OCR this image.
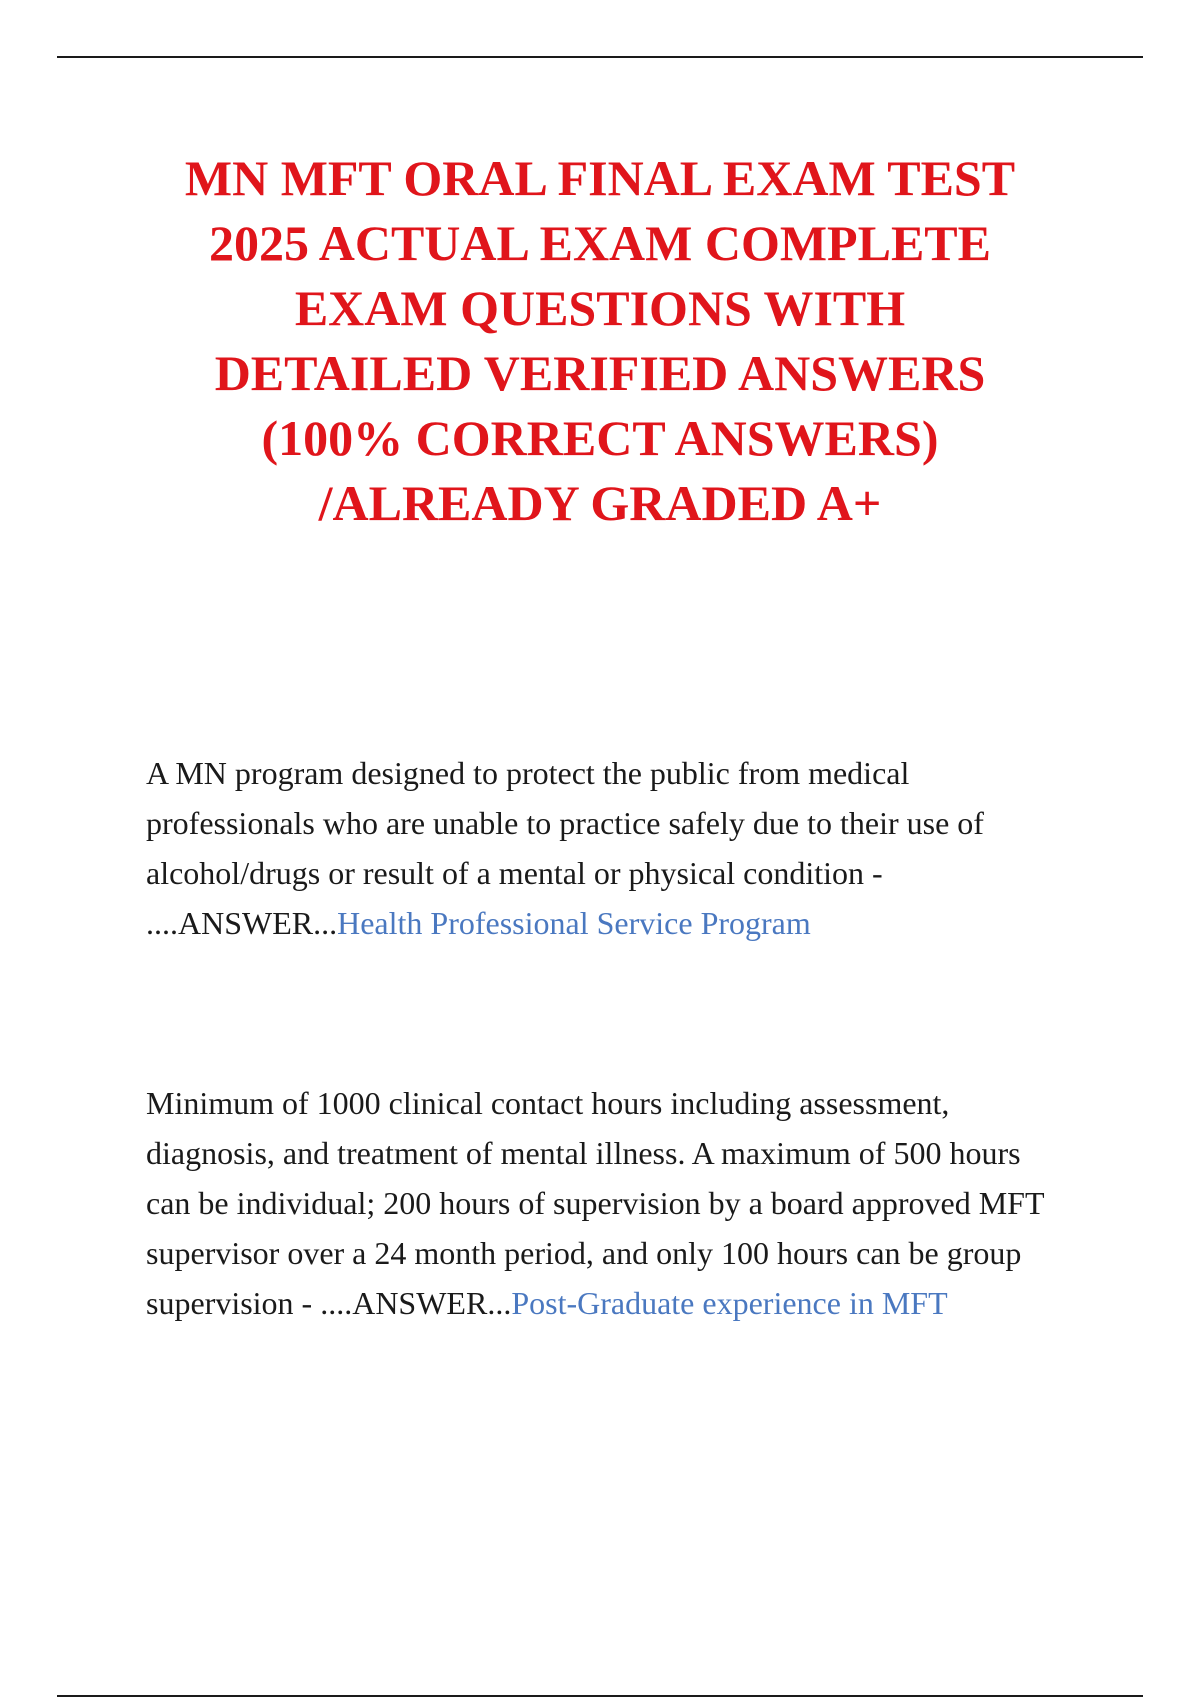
MN MFT ORAL FINAL EXAM TEST
2025 ACTUAL EXAM COMPLETE
EXAM QUESTIONS WITH
DETAILED VERIFIED ANSWERS
(100% CORRECT ANSWERS)
/ALREADY GRADED A+

A MN program designed to protect the public from medical professionals who are unable to practice safely due to their use of alcohol/drugs or result of a mental or physical condition - ....ANSWER...Health Professional Service Program

Minimum of 1000 clinical contact hours including assessment, diagnosis, and treatment of mental illness. A maximum of 500 hours can be individual; 200 hours of supervision by a board approved MFT supervisor over a 24 month period, and only 100 hours can be group supervision - ....ANSWER...Post-Graduate experience in MFT
